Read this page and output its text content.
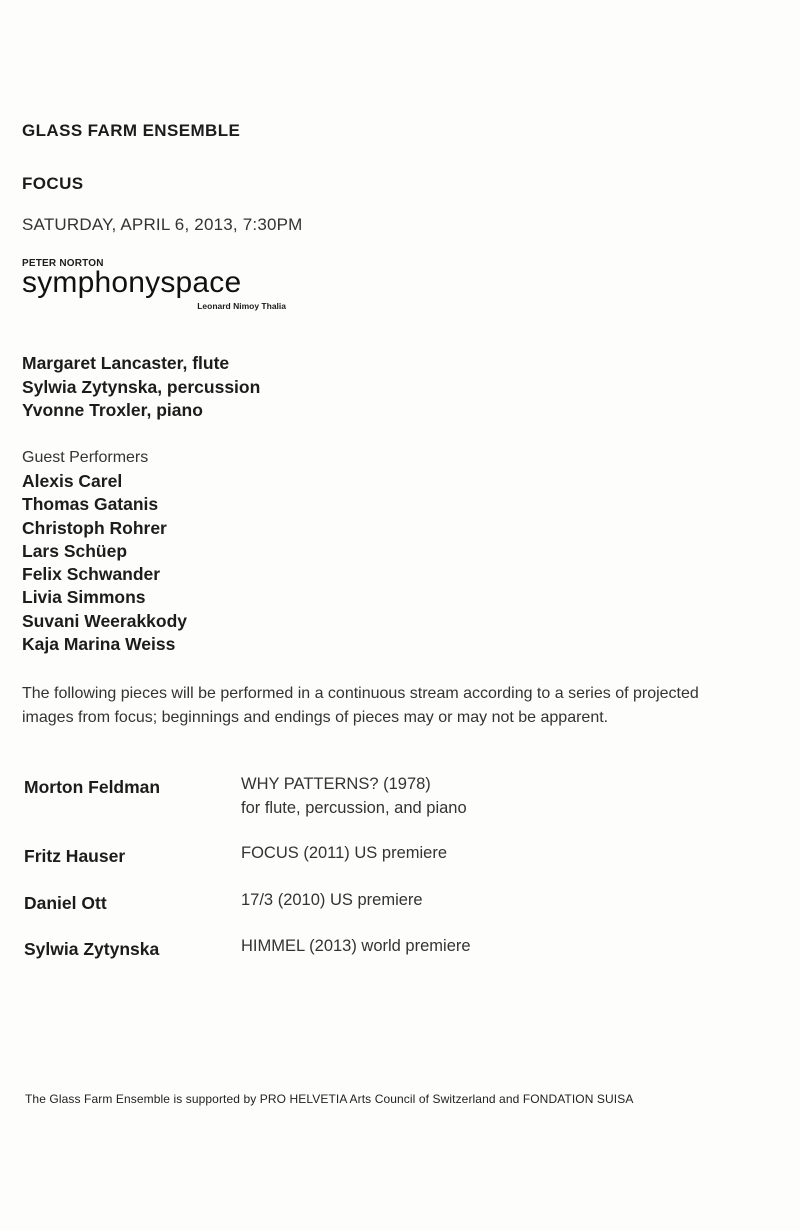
GLASS FARM ENSEMBLE
FOCUS
SATURDAY, APRIL 6, 2013, 7:30PM
PETER NORTON
symphonyspace
Leonard Nimoy Thalia
Margaret Lancaster, flute
Sylwia Zytynska, percussion
Yvonne Troxler, piano
Guest Performers
Alexis Carel
Thomas Gatanis
Christoph Rohrer
Lars Schüep
Felix Schwander
Livia Simmons
Suvani Weerakkody
Kaja Marina Weiss
The following pieces will be performed in a continuous stream according to a series of projected images from focus; beginnings and endings of pieces may or may not be apparent.
Morton Feldman	WHY PATTERNS? (1978)
for flute, percussion, and piano
Fritz Hauser	FOCUS (2011) US premiere
Daniel Ott	17/3 (2010) US premiere
Sylwia Zytynska	HIMMEL (2013) world premiere
The Glass Farm Ensemble is supported by PRO HELVETIA Arts Council of Switzerland and FONDATION SUISA
